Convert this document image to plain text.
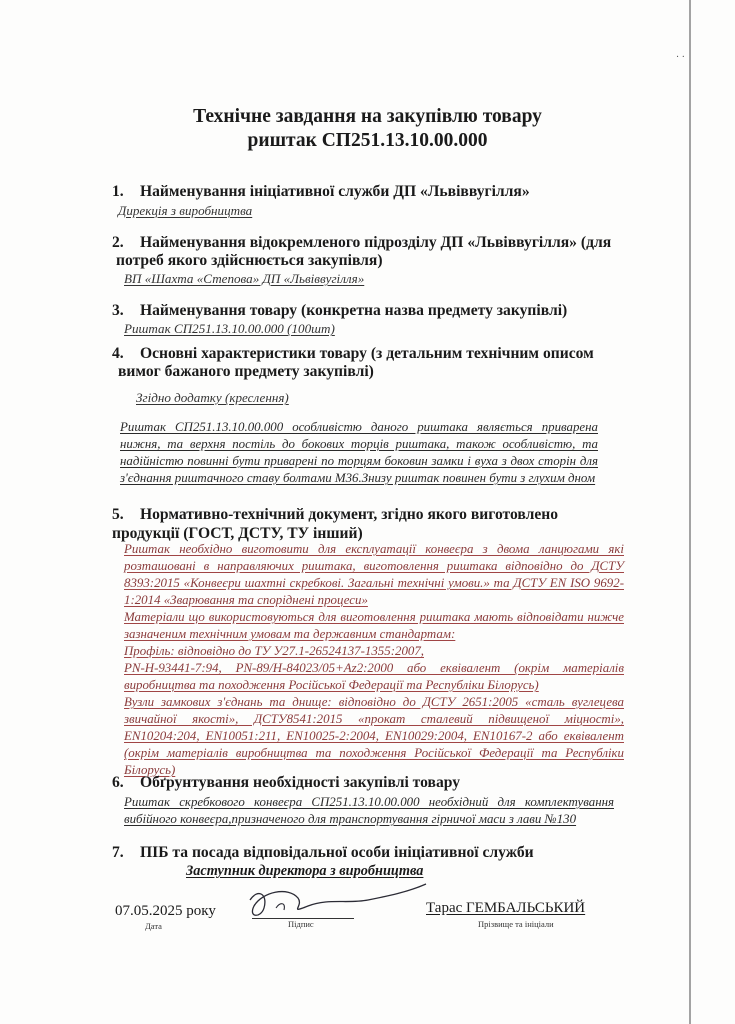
· ·
Технічне завдання на закупівлю товару
риштак СП251.13.10.00.000
1. Найменування ініціативної служби ДП «Львіввугілля»
Дирекція з виробництва
2. Найменування відокремленого підрозділу ДП «Львіввугілля» (для
потреб якого здійснюється закупівля)
ВП «Шахта «Степова» ДП «Львіввугілля»
3. Найменування товару (конкретна назва предмету закупівлі)
Риштак СП251.13.10.00.000 (100шт)
4. Основні характеристики товару (з детальним технічним описом
вимог бажаного предмету закупівлі)
Згідно додатку (креслення)

Риштак СП251.13.10.00.000 особливістю даного риштака являється приварена нижня, та верхня постіль до бокових торців риштака, також особливістю, та надійністю повинні бути приварені по торцям боковин замки і вуха з двох сторін для з'єднання риштачного ставу болтами М36.Знизу риштак повинен бути з глухим дном

5. Нормативно-технічний документ, згідно якого виготовлено
продукції (ГОСТ, ДСТУ, ТУ інший)

Риштак необхідно виготовити для експлуатації конвеєра з двома ланцюгами які розташовані в направляючих риштака, виготовлення риштака відповідно до ДСТУ 8393:2015 «Конвеєри шахтні скребкові. Загальні технічні умови.» та ДСТУ EN ISO 9692-1:2014 «Зварювання та споріднені процеси»

Матеріали що використовуються для виготовлення риштака мають відповідати нижче зазначеним технічним умовам та державним стандартам:

Профіль: відповідно до ТУ У27.1-26524137-1355:2007,

PN-H-93441-7:94, PN-89/H-84023/05+Az2:2000 або еквівалент (окрім матеріалів виробництва та походження Російської Федерації та Республіки Білорусь)

Вузли замкових з'єднань та днище: відповідно до ДСТУ 2651:2005 «сталь вуглецева звичайної якості», ДСТУ8541:2015 «прокат сталевий підвищеної міцності», EN10204:204, EN10051:211, EN10025-2:2004, EN10029:2004, EN10167-2 або еквівалент (окрім матеріалів виробництва та походження Російської Федерації та Республіки Білорусь)

6. Обґрунтування необхідності закупівлі товару

Риштак скребкового конвеєра СП251.13.10.00.000 необхідний для комплектування вибійного конвеєра,призначеного для транспортування гірничої маси з лави №130

7. ПІБ та посада відповідальної особи ініціативної служби
Заступник директора з виробництва
07.05.2025 року
Дата	Підпис
Тарас ГЕМБАЛЬСЬКИЙ
Прізвище та ініціали
